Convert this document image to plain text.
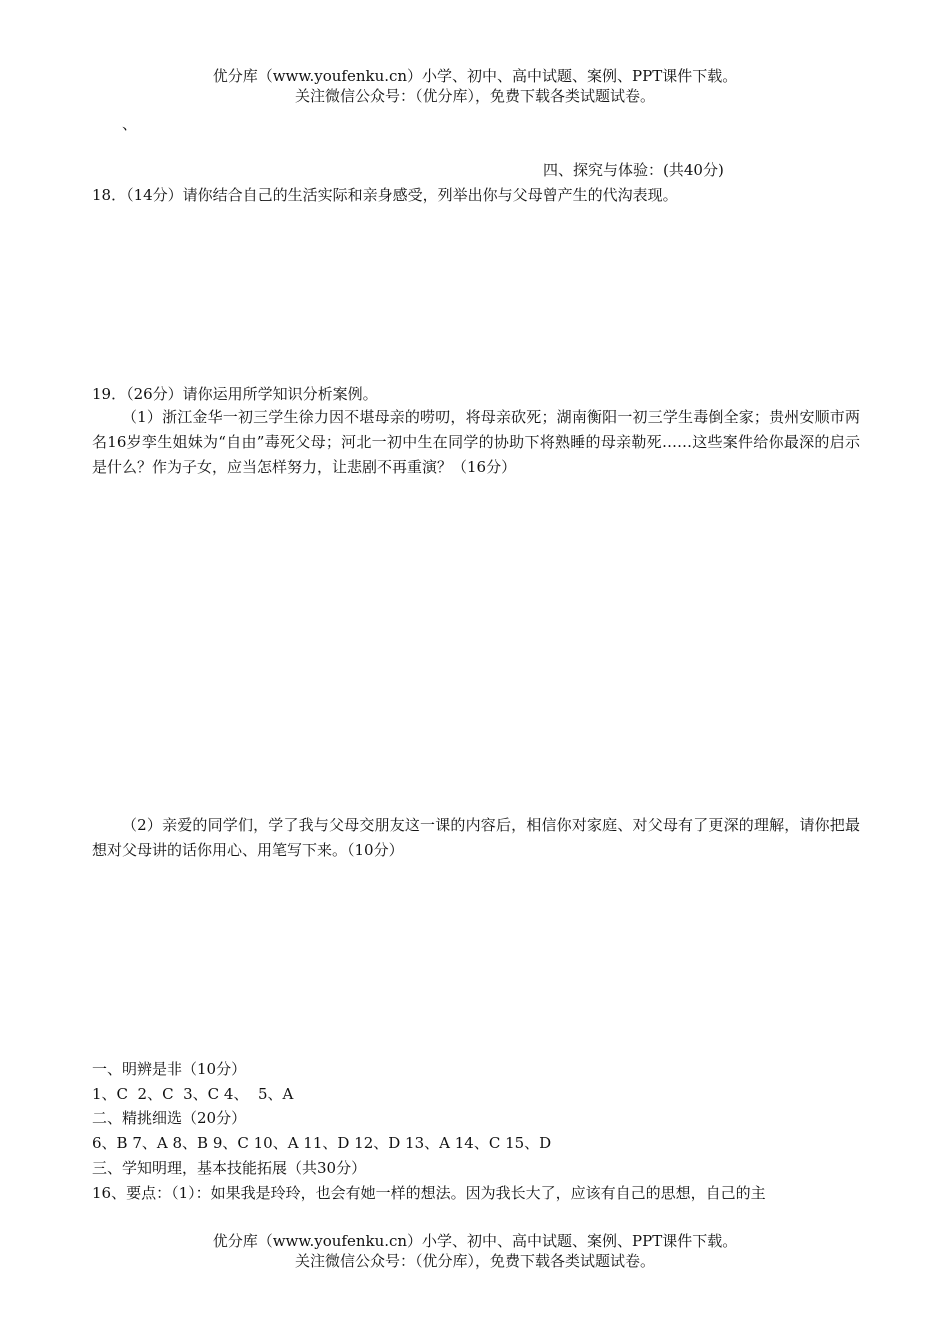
优分库（www.youfenku.cn）小学、初中、高中试题、案例、PPT课件下载。
关注微信公众号：（优分库），免费下载各类试题试卷。
、
四、探究与体验：(共40分)
18．（14分）请你结合自己的生活实际和亲身感受，列举出你与父母曾产生的代沟表现。
19．（26分）请你运用所学知识分析案例。
（1）浙江金华一初三学生徐力因不堪母亲的唠叨，将母亲砍死；湖南衡阳一初三学生毒倒全家；贵州安顺市两名16岁孪生姐妹为“自由”毒死父母；河北一初中生在同学的协助下将熟睡的母亲勒死……这些案件给你最深的启示是什么？作为子女，应当怎样努力，让悲剧不再重演？（16分）
（2）亲爱的同学们，学了我与父母交朋友这一课的内容后，相信你对家庭、对父母有了更深的理解，请你把最想对父母讲的话你用心、用笔写下来。（10分）
一、明辨是非（10分）
1、C  2、C  3、C 4、  5、A
二、精挑细选（20分）
6、B 7、A 8、B 9、C 10、A 11、D 12、D 13、A 14、C 15、D
三、学知明理，基本技能拓展（共30分）
16、要点：（1）：如果我是玲玲，也会有她一样的想法。因为我长大了，应该有自己的思想，自己的主
优分库（www.youfenku.cn）小学、初中、高中试题、案例、PPT课件下载。
关注微信公众号：（优分库），免费下载各类试题试卷。
